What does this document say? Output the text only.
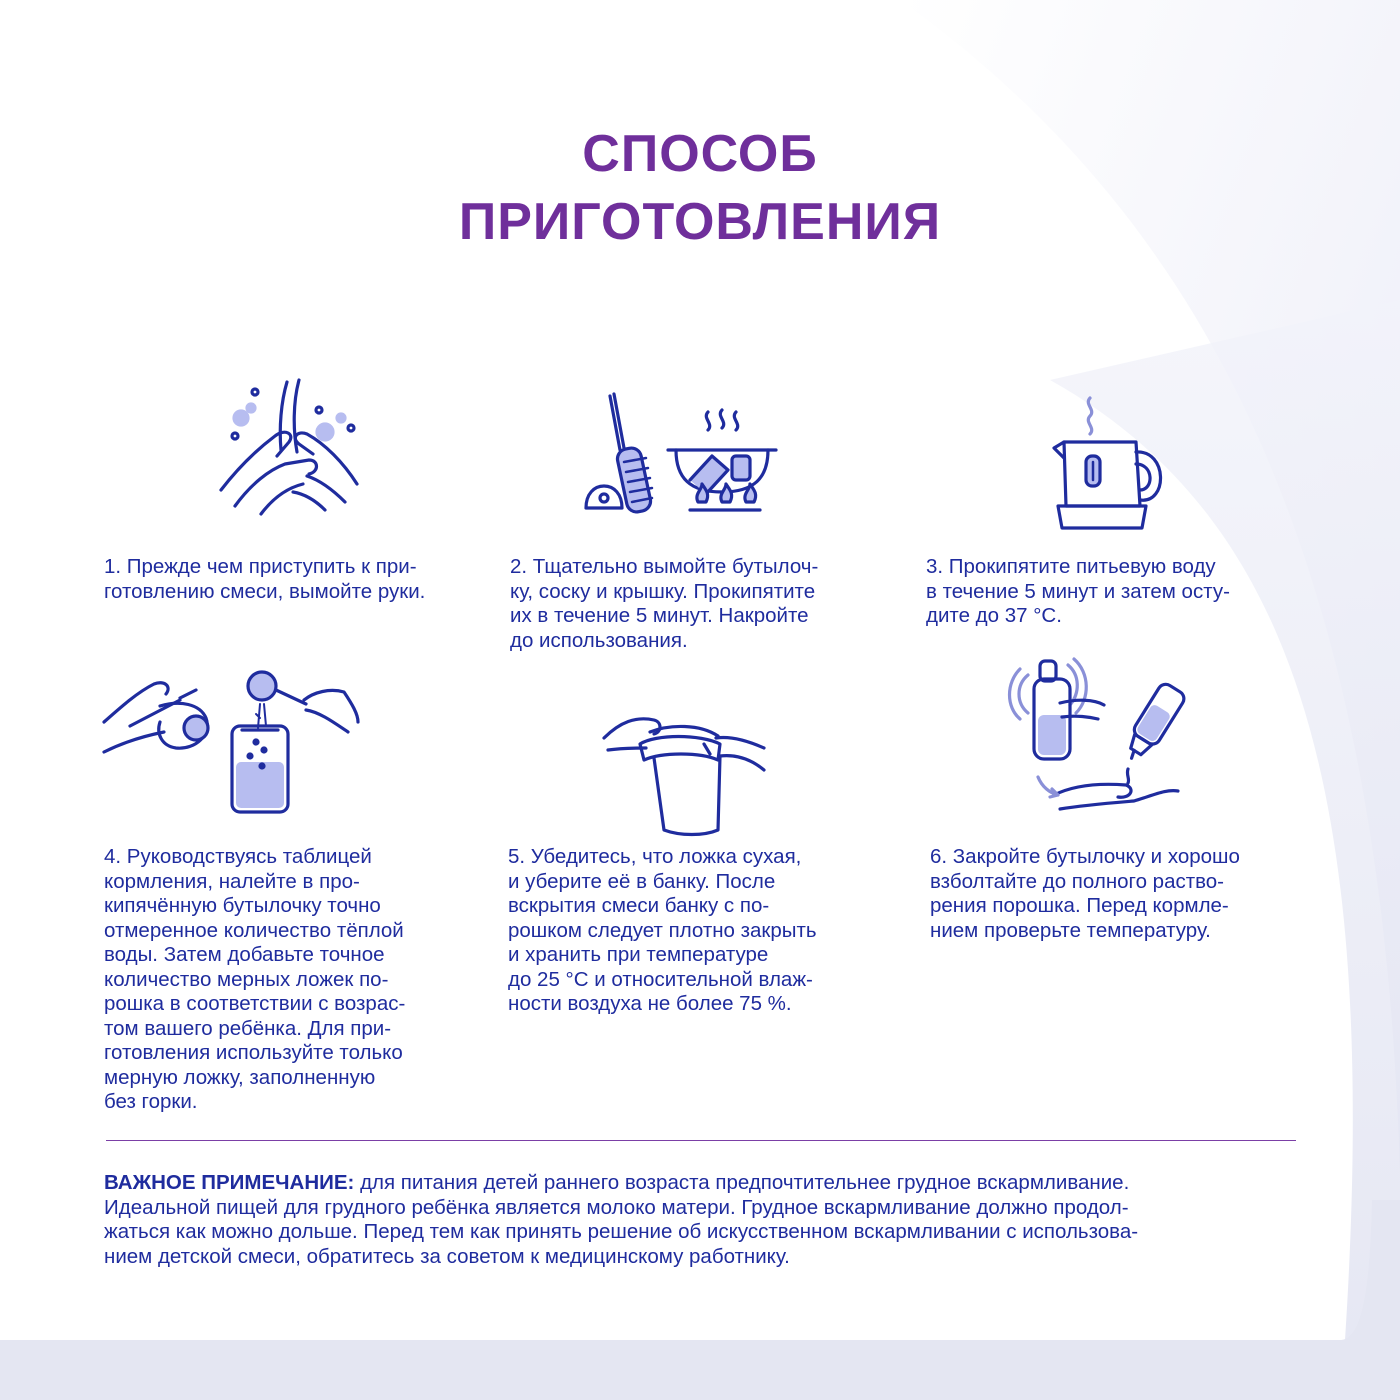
СПОСОБ
ПРИГОТОВЛЕНИЯ
1. Прежде чем приступить к при-
готовлению смеси, вымойте руки.
2. Тщательно вымойте бутылоч-
ку, соску и крышку. Прокипятите
их в течение 5 минут. Накройте
до использования.
3. Прокипятите питьевую воду
в течение 5 минут и затем осту-
дите до 37 °С.
4. Руководствуясь таблицей
кормления, налейте в про-
кипячённую бутылочку точно
отмеренное количество тёплой
воды. Затем добавьте точное
количество мерных ложек по-
рошка в соответствии с возрас-
том вашего ребёнка. Для при-
готовления используйте только
мерную ложку, заполненную
без горки.
5. Убедитесь, что ложка сухая,
и уберите её в банку. После
вскрытия смеси банку с по-
рошком следует плотно закрыть
и хранить при температуре
до 25 °С и относительной влаж-
ности воздуха не более 75 %.
6. Закройте бутылочку и хорошо
взболтайте до полного раство-
рения порошка. Перед кормле-
нием проверьте температуру.
ВАЖНОЕ ПРИМЕЧАНИЕ: для питания детей раннего возраста предпочтительнее грудное вскармливание.
Идеальной пищей для грудного ребёнка является молоко матери. Грудное вскармливание должно продол-
жаться как можно дольше. Перед тем как принять решение об искусственном вскармливании с использова-
нием детской смеси, обратитесь за советом к медицинскому работнику.
